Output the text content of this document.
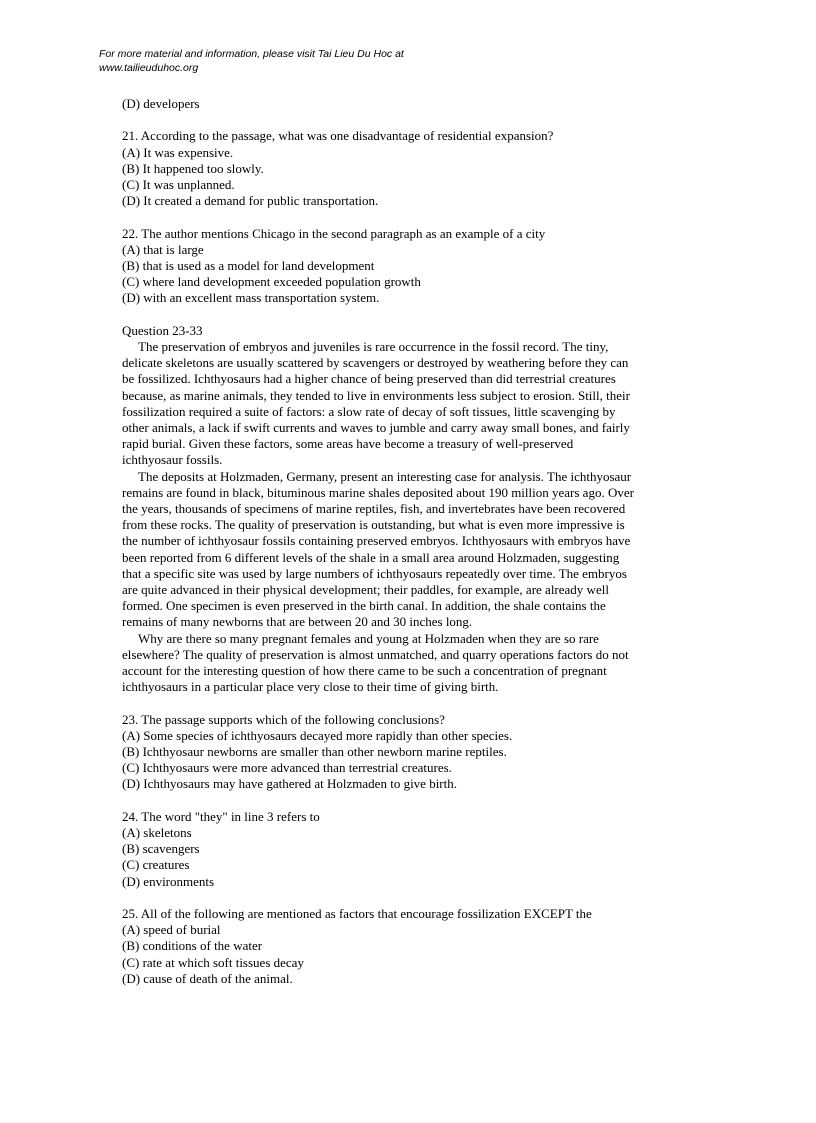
For more material and information, please visit Tai Lieu Du Hoc at
www.tailieuduhoc.org
(D) developers
21. According to the passage, what was one disadvantage of residential expansion?
(A) It was expensive.
(B) It happened too slowly.
(C) It was unplanned.
(D) It created a demand for public transportation.
22. The author mentions Chicago in the second paragraph as an example of a city
(A) that is large
(B) that is used as a model for land development
(C) where land development exceeded population growth
(D) with an excellent mass transportation system.
Question 23-33
The preservation of embryos and juveniles is rare occurrence in the fossil record. The tiny,
delicate skeletons are usually scattered by scavengers or destroyed by weathering before they can
be fossilized. Ichthyosaurs had a higher chance of being preserved than did terrestrial creatures
because, as marine animals, they tended to live in environments less subject to erosion. Still, their
fossilization required a suite of factors: a slow rate of decay of soft tissues, little scavenging by
other animals, a lack if swift currents and waves to jumble and carry away small bones, and fairly
rapid burial. Given these factors, some areas have become a treasury of well-preserved
ichthyosaur fossils.
The deposits at Holzmaden, Germany, present an interesting case for analysis. The ichthyosaur
remains are found in black, bituminous marine shales deposited about 190 million years ago. Over
the years, thousands of specimens of marine reptiles, fish, and invertebrates have been recovered
from these rocks. The quality of preservation is outstanding, but what is even more impressive is
the number of ichthyosaur fossils containing preserved embryos. Ichthyosaurs with embryos have
been reported from 6 different levels of the shale in a small area around Holzmaden, suggesting
that a specific site was used by large numbers of ichthyosaurs repeatedly over time. The embryos
are quite advanced in their physical development; their paddles, for example, are already well
formed. One specimen is even preserved in the birth canal. In addition, the shale contains the
remains of many newborns that are between 20 and 30 inches long.
Why are there so many pregnant females and young at Holzmaden when they are so rare
elsewhere? The quality of preservation is almost unmatched, and quarry operations factors do not
account for the interesting question of how there came to be such a concentration of pregnant
ichthyosaurs in a particular place very close to their time of giving birth.
23. The passage supports which of the following conclusions?
(A) Some species of ichthyosaurs decayed more rapidly than other species.
(B) Ichthyosaur newborns are smaller than other newborn marine reptiles.
(C) Ichthyosaurs were more advanced than terrestrial creatures.
(D) Ichthyosaurs may have gathered at Holzmaden to give birth.
24. The word "they" in line 3 refers to
(A) skeletons
(B) scavengers
(C) creatures
(D) environments
25. All of the following are mentioned as factors that encourage fossilization EXCEPT the
(A) speed of burial
(B) conditions of the water
(C) rate at which soft tissues decay
(D) cause of death of the animal.
